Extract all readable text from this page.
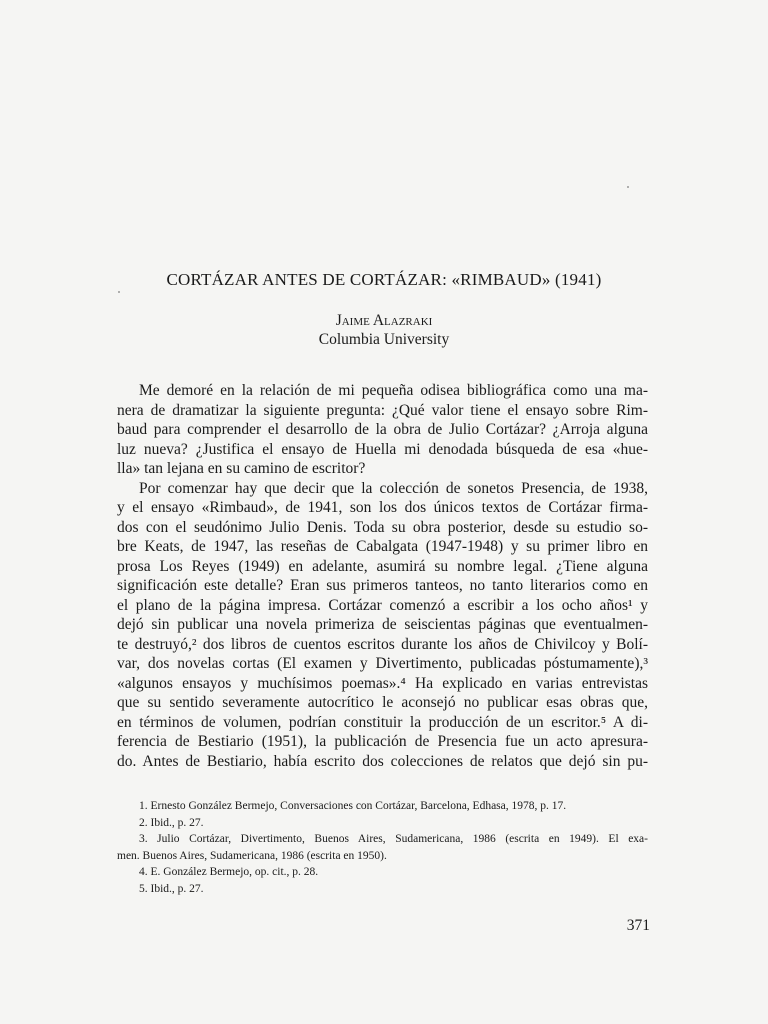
CORTÁZAR ANTES DE CORTÁZAR: «RIMBAUD» (1941)
Jaime Alazraki
Columbia University
Me demoré en la relación de mi pequeña odisea bibliográfica como una ma-
nera de dramatizar la siguiente pregunta: ¿Qué valor tiene el ensayo sobre Rim-
baud para comprender el desarrollo de la obra de Julio Cortázar? ¿Arroja alguna
luz nueva? ¿Justifica el ensayo de Huella mi denodada búsqueda de esa «hue-
lla» tan lejana en su camino de escritor?
Por comenzar hay que decir que la colección de sonetos Presencia, de 1938,
y el ensayo «Rimbaud», de 1941, son los dos únicos textos de Cortázar firma-
dos con el seudónimo Julio Denis. Toda su obra posterior, desde su estudio so-
bre Keats, de 1947, las reseñas de Cabalgata (1947-1948) y su primer libro en
prosa Los Reyes (1949) en adelante, asumirá su nombre legal. ¿Tiene alguna
significación este detalle? Eran sus primeros tanteos, no tanto literarios como en
el plano de la página impresa. Cortázar comenzó a escribir a los ocho años¹ y
dejó sin publicar una novela primeriza de seiscientas páginas que eventualmen-
te destruyó,² dos libros de cuentos escritos durante los años de Chivilcoy y Bolí-
var, dos novelas cortas (El examen y Divertimento, publicadas póstumamente),³
«algunos ensayos y muchísimos poemas».⁴ Ha explicado en varias entrevistas
que su sentido severamente autocrítico le aconsejó no publicar esas obras que,
en términos de volumen, podrían constituir la producción de un escritor.⁵ A di-
ferencia de Bestiario (1951), la publicación de Presencia fue un acto apresura-
do. Antes de Bestiario, había escrito dos colecciones de relatos que dejó sin pu-
1. Ernesto González Bermejo, Conversaciones con Cortázar, Barcelona, Edhasa, 1978, p. 17.
2. Ibid., p. 27.
3. Julio Cortázar, Divertimento, Buenos Aires, Sudamericana, 1986 (escrita en 1949). El exa-
men. Buenos Aires, Sudamericana, 1986 (escrita en 1950).
4. E. González Bermejo, op. cit., p. 28.
5. Ibid., p. 27.
371
